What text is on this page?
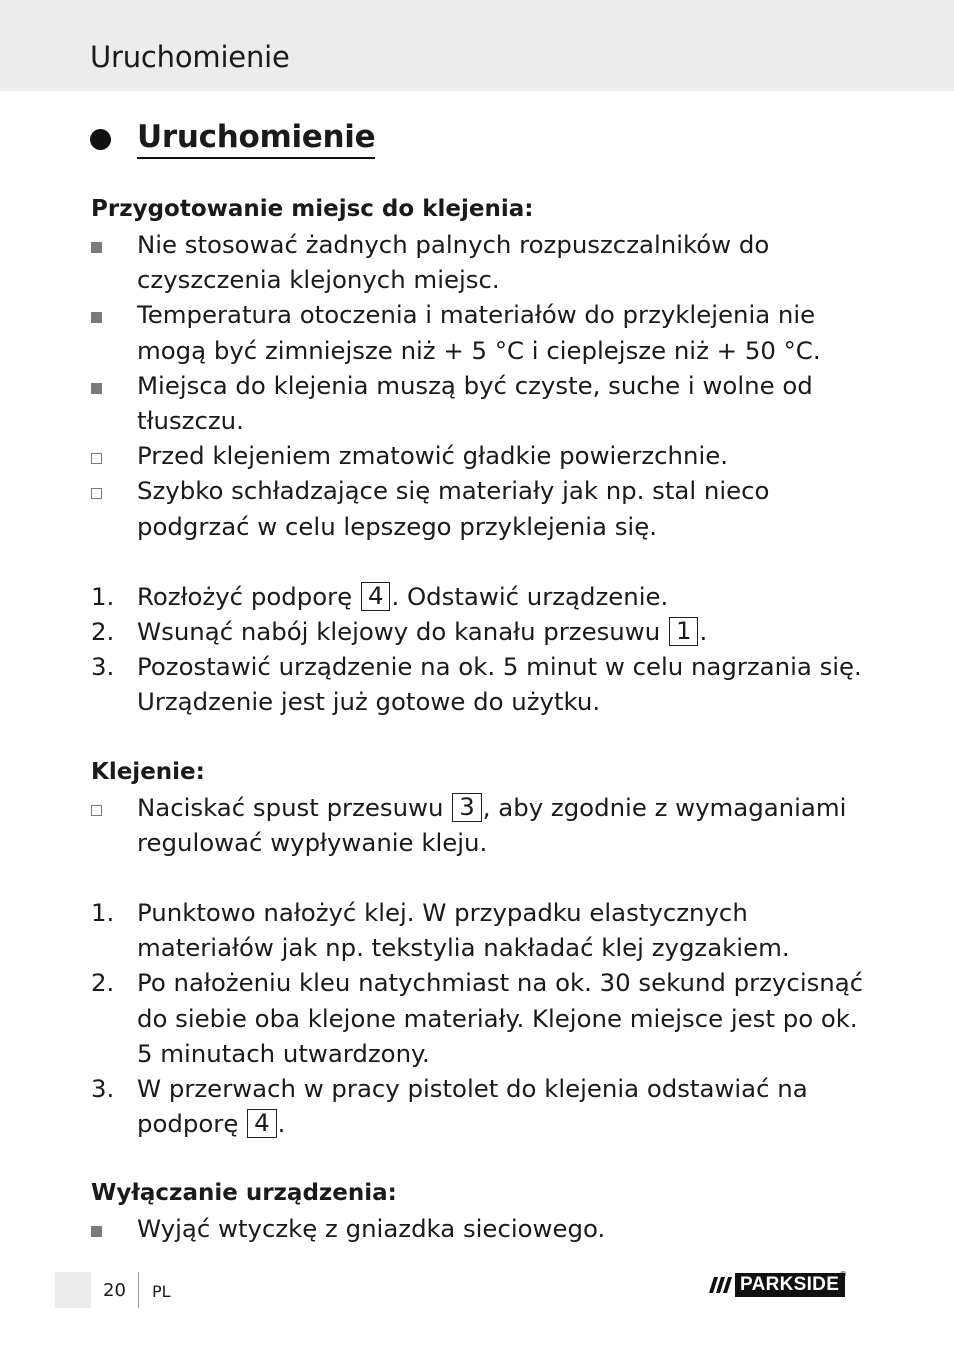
Uruchomienie
Uruchomienie
Przygotowanie miejsc do klejenia:
Nie stosować żadnych palnych rozpuszczalników do czyszczenia klejonych miejsc.
Temperatura otoczenia i materiałów do przyklejenia nie mogą być zimniejsze niż + 5 °C i cieplejsze niż + 50 °C.
Miejsca do klejenia muszą być czyste, suche i wolne od tłuszczu.
Przed klejeniem zmatowić gładkie powierzchnie.
Szybko schładzające się materiały jak np. stal nieco podgrzać w celu lepszego przyklejenia się.
1. Rozłożyć podporę 4 . Odstawić urządzenie.
2. Wsunąć nabój klejowy do kanału przesuwu 1 .
3. Pozostawić urządzenie na ok. 5 minut w celu nagrzania się. Urządzenie jest już gotowe do użytku.
Klejenie:
Naciskać spust przesuwu 3 , aby zgodnie z wymaganiami regulować wypływanie kleju.
1. Punktowo nałożyć klej. W przypadku elastycznych materiałów jak np. tekstylia nakładać klej zygzakiem.
2. Po nałożeniu kleu natychmiast na ok. 30 sekund przycisnąć do siebie oba klejone materiały. Klejone miejsce jest po ok. 5 minutach utwardzony.
3. W przerwach w pracy pistolet do klejenia odstawiać na podporę 4 .
Wyłączanie urządzenia:
Wyjąć wtyczkę z gniazdka sieciowego.
20 PL	PARKSIDE ®
